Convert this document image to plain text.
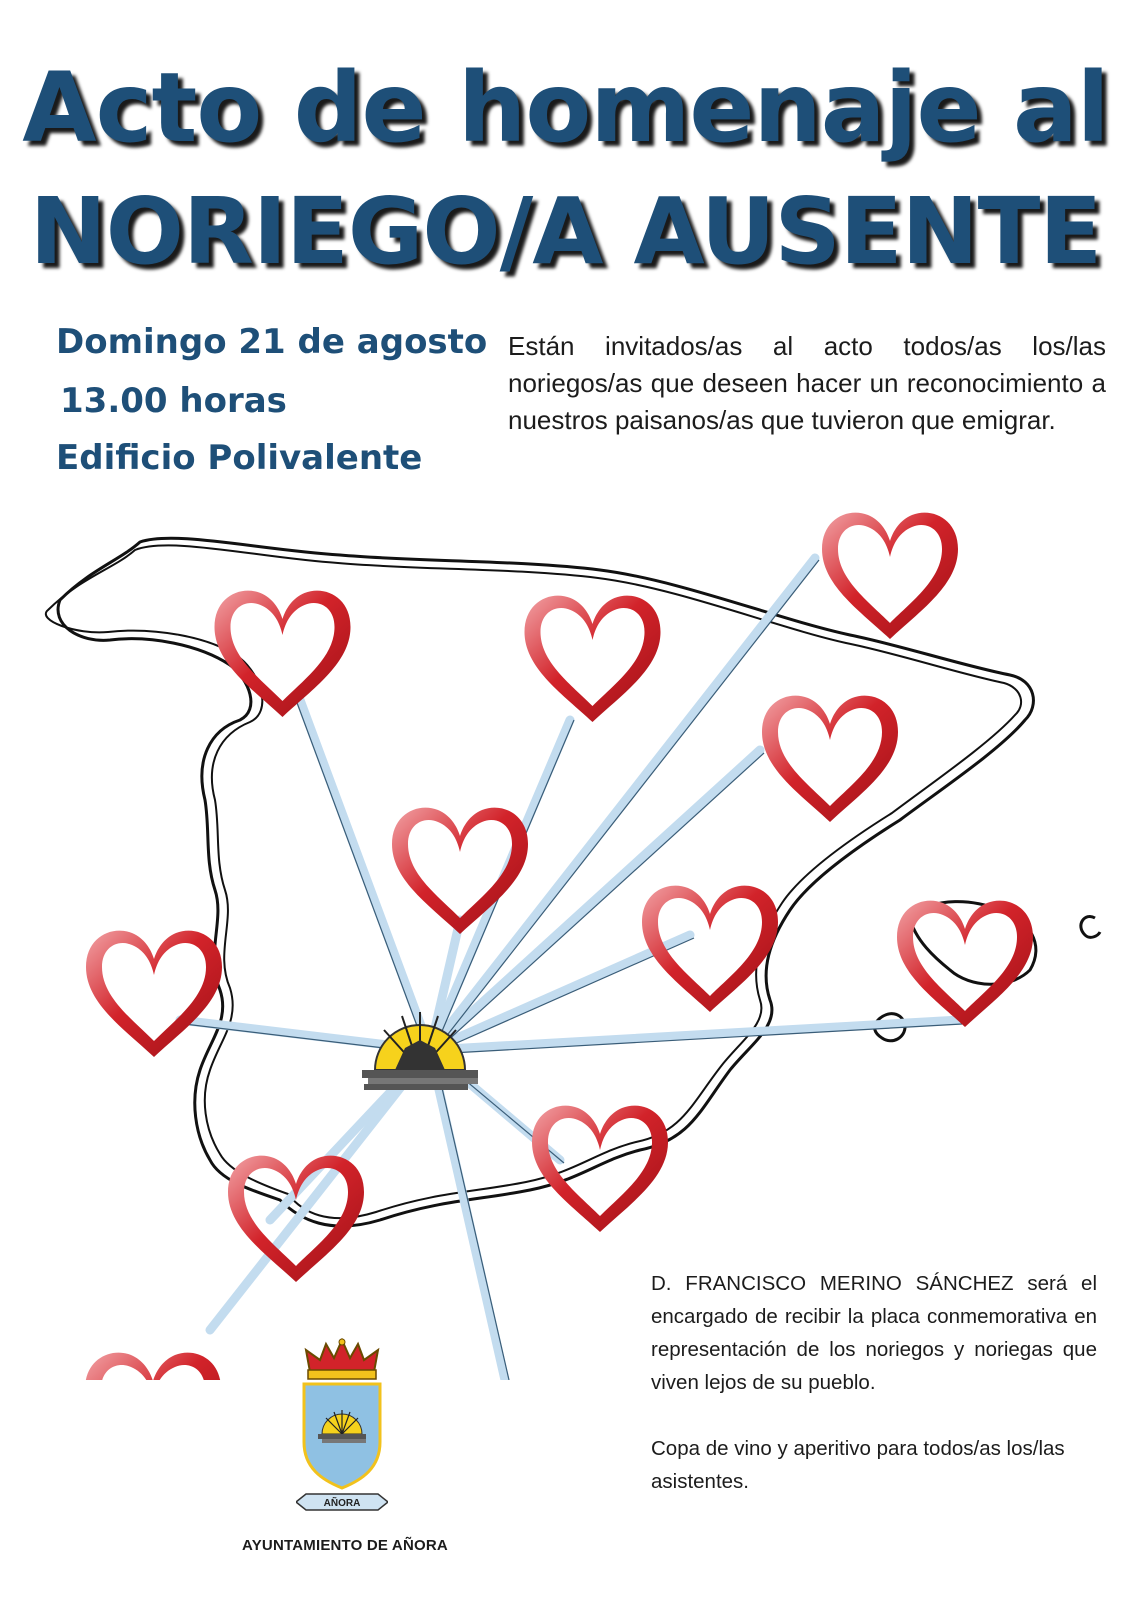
Acto de homenaje al
NORIEGO/A AUSENTE
Domingo 21 de agosto
13.00 horas
Edificio Polivalente
Están invitados/as al acto todos/as los/las noriegos/as que deseen hacer un reconocimiento a nuestros paisanos/as que tuvieron que emigrar.

D. FRANCISCO MERINO SÁNCHEZ será el encargado de recibir la placa conmemorativa en representación de los noriegos y noriegas que viven lejos de su pueblo.

Copa de vino y aperitivo para todos/as los/las asistentes.

AÑORA
AYUNTAMIENTO DE AÑORA
